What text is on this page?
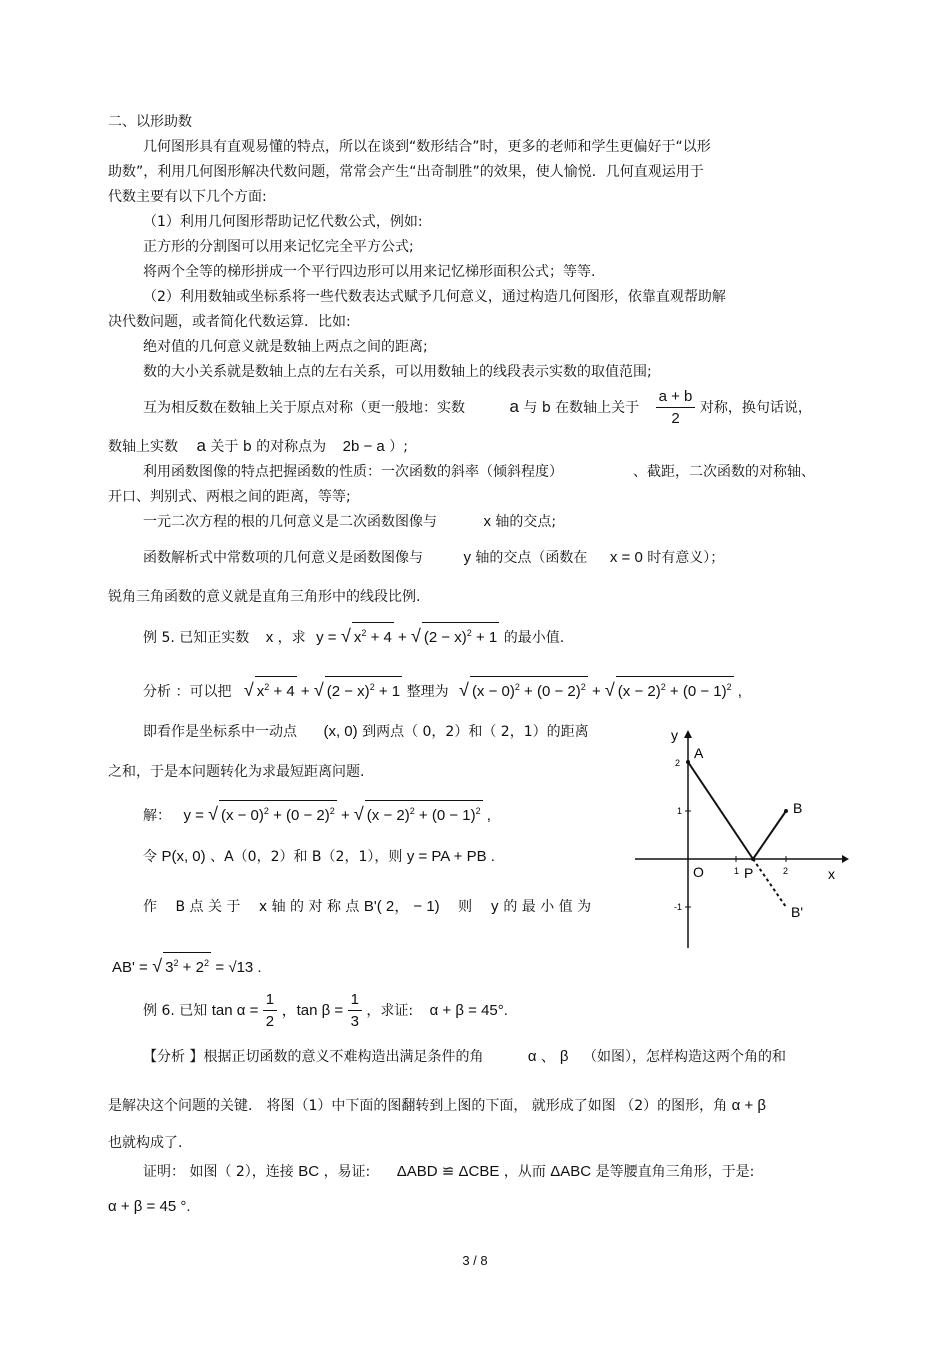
二、以形助数
几何图形具有直观易懂的特点，所以在谈到“数形结合”时，更多的老师和学生更偏好于“以形
助数”，利用几何图形解决代数问题，常常会产生“出奇制胜”的效果，使人愉悦．几何直观运用于
代数主要有以下几个方面:
（1）利用几何图形帮助记忆代数公式，例如:
正方形的分割图可以用来记忆完全平方公式;
将两个全等的梯形拼成一个平行四边形可以用来记忆梯形面积公式；等等.
（2）利用数轴或坐标系将一些代数表达式赋予几何意义，通过构造几何图形，依靠直观帮助解
决代数问题，或者简化代数运算．比如:
绝对值的几何意义就是数轴上两点之间的距离;
数的大小关系就是数轴上点的左右关系，可以用数轴上的线段表示实数的取值范围;
互为相反数在数轴上关于原点对称（更一般地：实数	a 与 b 在数轴上关于 $\frac{a + b}{2}$ 对称，换句话说，
数轴上实数 a 关于 b 的对称点为 2b − a ）;
利用函数图像的特点把握函数的性质：一次函数的斜率（倾斜程度）	、截距，二次函数的对称轴、
开口、判别式、两根之间的距离，等等;
一元二次方程的根的几何意义是二次函数图像与	x 轴的交点;
函数解析式中常数项的几何意义是函数图像与	y 轴的交点（函数在 x = 0 时有意义）；
锐角三角函数的意义就是直角三角形中的线段比例.
例 5. 已知正实数 x ，求 y = √ $x^2 + 4$ + √ $(2 - x)^2 + 1$ 的最小值.
分析 ：可以把 √ $x^2 + 4$ + √ $(2 - x)^2 + 1$ 整理为 √ $(x - 0)^2 + (0 - 2)^2$ + √ $(x - 2)^2 + (0 - 1)^2$ ,
即看作是坐标系中一动点 (x, 0) 到两点（ 0，2）和（ 2，1）的距离
之和，于是本问题转化为求最短距离问题.
解： y = √ $(x - 0)^2 + (0 - 2)^2$ + √ $(x - 2)^2 + (0 - 1)^2$ ,
令 P(x, 0) 、A（0，2）和 B（2，1），则 y = PA + PB .
作 B 点 关 于 x 轴 的 对 称 点 B'( 2， − 1) 则 y 的 最 小 值 为
AB' = √ $3^2 + 2^2 = √13$ .
例 6. 已知 $\tan \alpha = \frac{1}{2}$ ，$\tan \beta = \frac{1}{3}$ ，求证: α + β = 45°.
【分析 】根据正切函数的意义不难构造出满足条件的角	α 、 β （如图），怎样构造这两个角的和
是解决这个问题的关键． 将图（1）中下面的图翻转到上图的下面， 就形成了如图 （2）的图形，角 α + β
也就构成了.
证明： 如图（ 2），连接 BC ，易证: ΔABD ≌ ΔCBE ，从而 ΔABC 是等腰直角三角形，于是:
α + β = 45 °.
y
x
A
B
B'
P
O
2
1
-1
1	2
3 / 8
